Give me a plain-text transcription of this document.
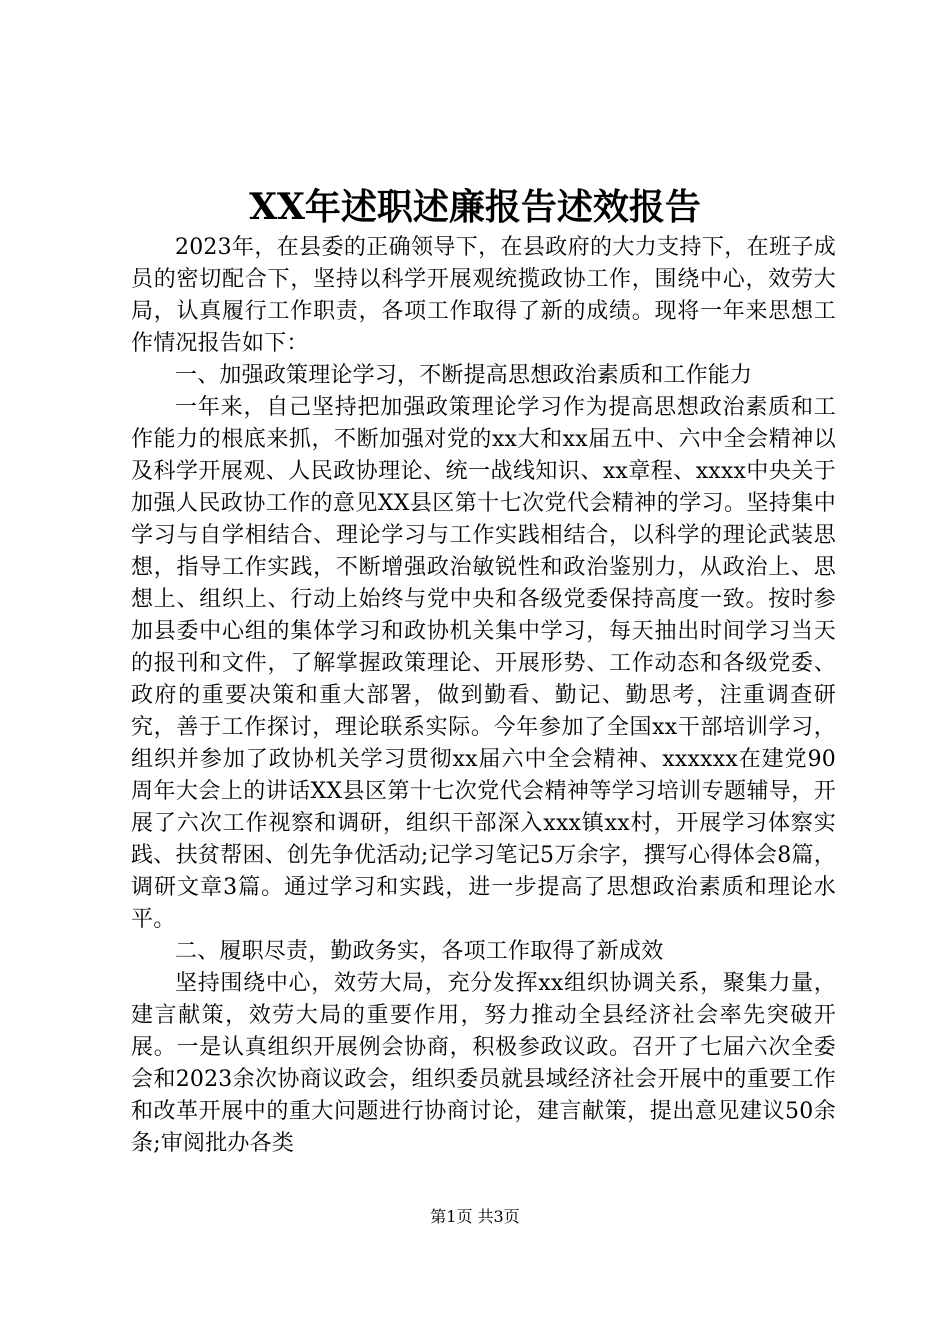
XX年述职述廉报告述效报告

2023年，在县委的正确领导下，在县政府的大力支持下，在班子成员的密切配合下，坚持以科学开展观统揽政协工作，围绕中心，效劳大局，认真履行工作职责，各项工作取得了新的成绩。现将一年来思想工作情况报告如下：

一、加强政策理论学习，不断提高思想政治素质和工作能力

一年来，自己坚持把加强政策理论学习作为提高思想政治素质和工作能力的根底来抓，不断加强对党的xx大和xx届五中、六中全会精神以及科学开展观、人民政协理论、统一战线知识、xx章程、xxxx中央关于加强人民政协工作的意见XX县区第十七次党代会精神的学习。坚持集中学习与自学相结合、理论学习与工作实践相结合，以科学的理论武装思想，指导工作实践，不断增强政治敏锐性和政治鉴别力，从政治上、思想上、组织上、行动上始终与党中央和各级党委保持高度一致。按时参加县委中心组的集体学习和政协机关集中学习，每天抽出时间学习当天的报刊和文件，了解掌握政策理论、开展形势、工作动态和各级党委、政府的重要决策和重大部署，做到勤看、勤记、勤思考，注重调查研究，善于工作探讨，理论联系实际。今年参加了全国xx干部培训学习，组织并参加了政协机关学习贯彻xx届六中全会精神、xxxxxx在建党90周年大会上的讲话XX县区第十七次党代会精神等学习培训专题辅导，开展了六次工作视察和调研，组织干部深入xxx镇xx村，开展学习体察实践、扶贫帮困、创先争优活动;记学习笔记5万余字，撰写心得体会8篇，调研文章3篇。通过学习和实践，进一步提高了思想政治素质和理论水平。

二、履职尽责，勤政务实，各项工作取得了新成效

坚持围绕中心，效劳大局，充分发挥xx组织协调关系，聚集力量，建言献策，效劳大局的重要作用，努力推动全县经济社会率先突破开展。一是认真组织开展例会协商，积极参政议政。召开了七届六次全委会和2023余次协商议政会，组织委员就县域经济社会开展中的重要工作和改革开展中的重大问题进行协商讨论，建言献策，提出意见建议50余条;审阅批办各类

第1页 共3页
